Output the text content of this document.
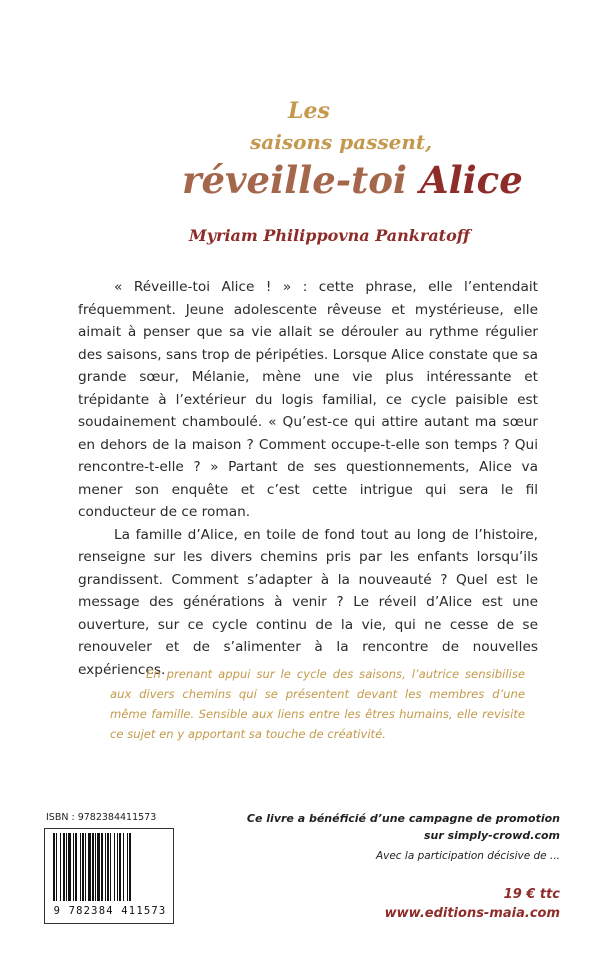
Les
saisons passent,
réveille-toi Alice
Myriam Philippovna Pankratoff

« Réveille-toi Alice ! » : cette phrase, elle l’entendait fréquemment. Jeune adolescente rêveuse et mystérieuse, elle aimait à penser que sa vie allait se dérouler au rythme régulier des saisons, sans trop de péripéties. Lorsque Alice constate que sa grande sœur, Mélanie, mène une vie plus intéressante et trépidante à l’extérieur du logis familial, ce cycle paisible est soudainement chamboulé. « Qu’est-ce qui attire autant ma sœur en dehors de la maison ? Comment occupe-t-elle son temps ? Qui rencontre-t-elle ? » Partant de ses questionnements, Alice va mener son enquête et c’est cette intrigue qui sera le fil conducteur de ce roman.

La famille d’Alice, en toile de fond tout au long de l’histoire, renseigne sur les divers chemins pris par les enfants lorsqu’ils grandissent. Comment s’adapter à la nouveauté ? Quel est le message des générations à venir ? Le réveil d’Alice est une ouverture, sur ce cycle continu de la vie, qui ne cesse de se renouveler et de s’alimenter à la rencontre de nouvelles expériences.

En prenant appui sur le cycle des saisons, l’autrice sensibilise aux divers chemins qui se présentent devant les membres d’une même famille. Sensible aux liens entre les êtres humains, elle revisite ce sujet en y apportant sa touche de créativité.
ISBN : 9782384411573
9 782384 411573
Ce livre a bénéficié d’une campagne de promotion
sur simply-crowd.com
Avec la participation décisive de ...
19 € ttc
www.editions-maia.com
